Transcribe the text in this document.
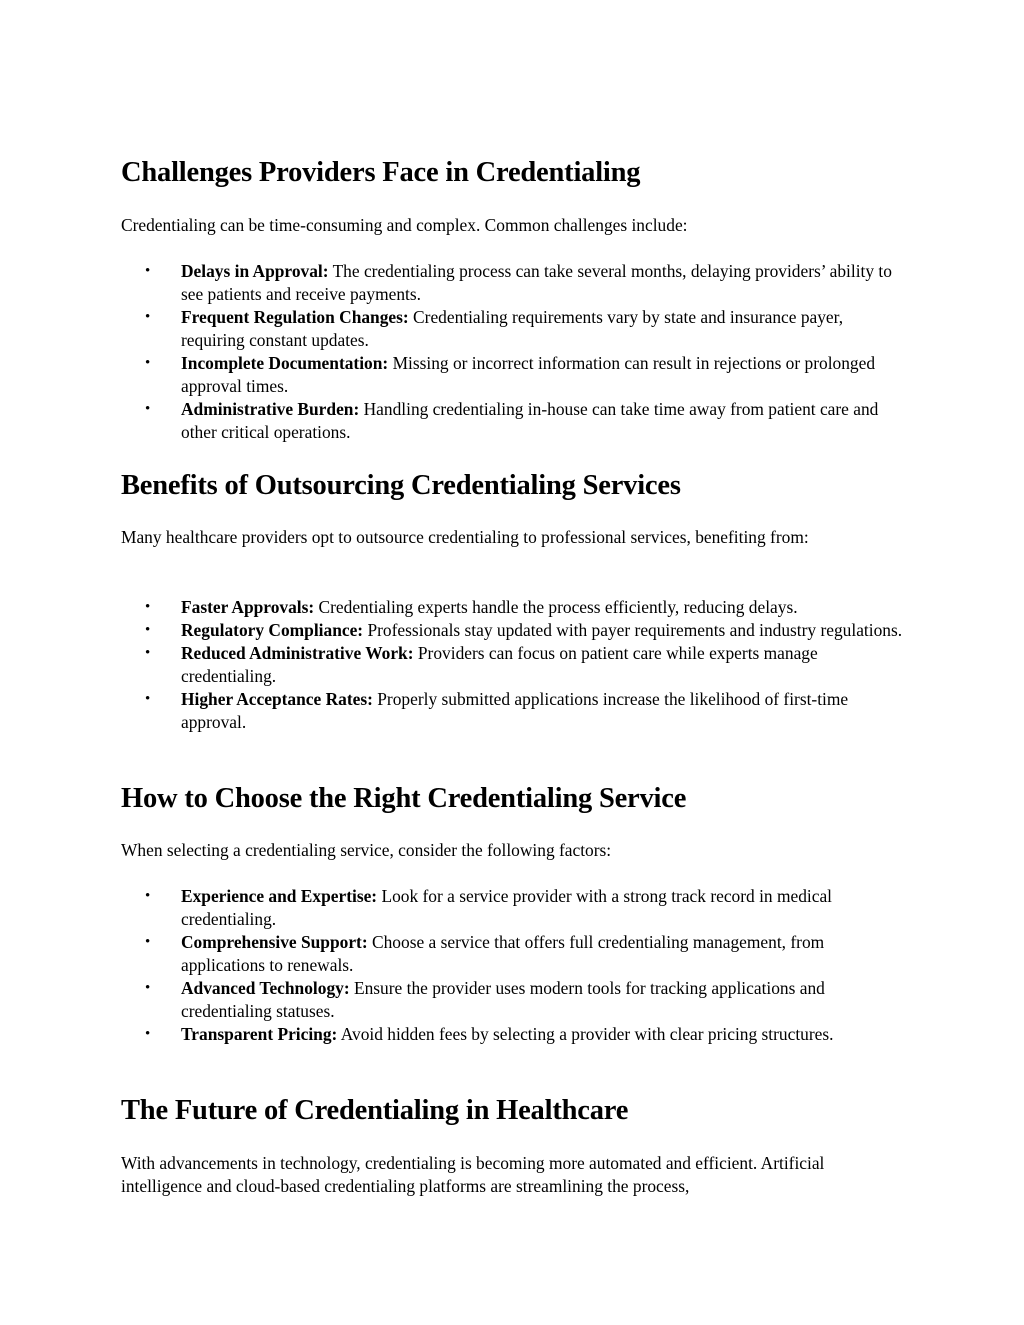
Challenges Providers Face in Credentialing

Credentialing can be time-consuming and complex. Common challenges include:

• Delays in Approval: The credentialing process can take several months, delaying providers’ ability to see patients and receive payments.
• Frequent Regulation Changes: Credentialing requirements vary by state and insurance payer, requiring constant updates.
• Incomplete Documentation: Missing or incorrect information can result in rejections or prolonged approval times.
• Administrative Burden: Handling credentialing in-house can take time away from patient care and other critical operations.
Benefits of Outsourcing Credentialing Services

Many healthcare providers opt to outsource credentialing to professional services, benefiting from:

• Faster Approvals: Credentialing experts handle the process efficiently, reducing delays.
• Regulatory Compliance: Professionals stay updated with payer requirements and industry regulations.
• Reduced Administrative Work: Providers can focus on patient care while experts manage credentialing.
• Higher Acceptance Rates: Properly submitted applications increase the likelihood of first-time approval.
How to Choose the Right Credentialing Service

When selecting a credentialing service, consider the following factors:

• Experience and Expertise: Look for a service provider with a strong track record in medical credentialing.
• Comprehensive Support: Choose a service that offers full credentialing management, from applications to renewals.
• Advanced Technology: Ensure the provider uses modern tools for tracking applications and credentialing statuses.
• Transparent Pricing: Avoid hidden fees by selecting a provider with clear pricing structures.
The Future of Credentialing in Healthcare

With advancements in technology, credentialing is becoming more automated and efficient. Artificial intelligence and cloud-based credentialing platforms are streamlining the process,
